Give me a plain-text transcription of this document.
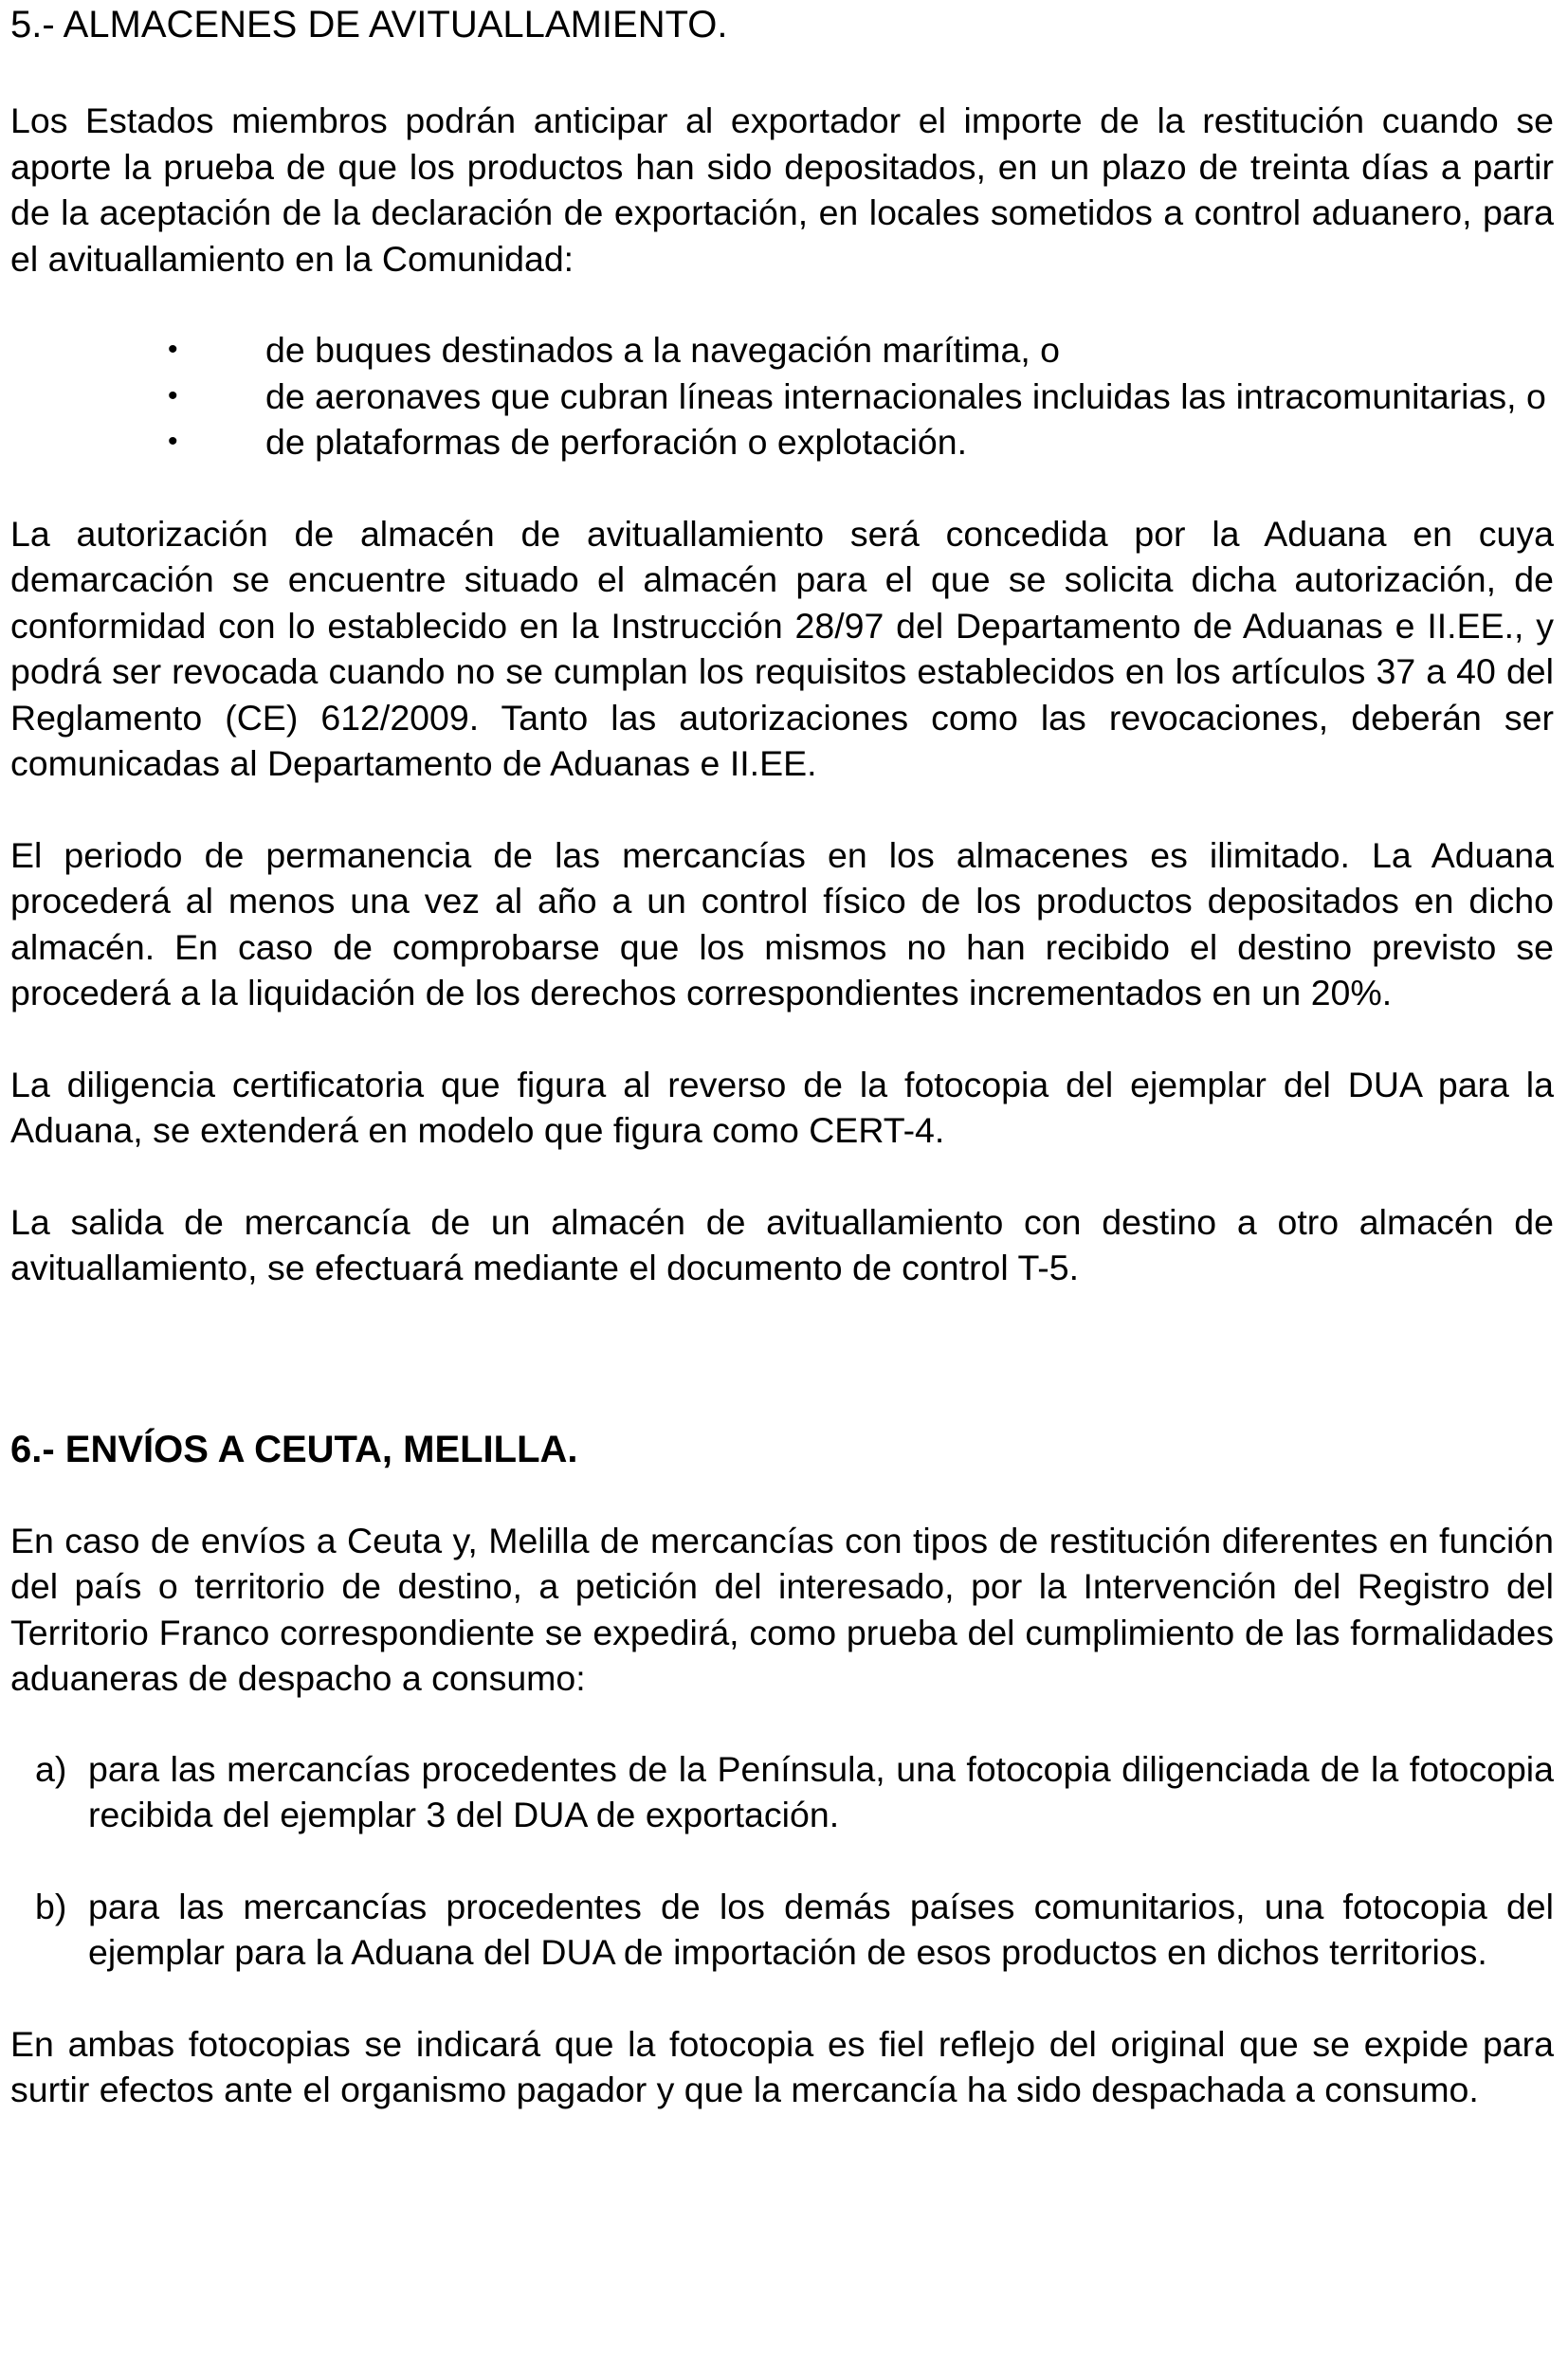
5.- ALMACENES DE AVITUALLAMIENTO.

Los Estados miembros podrán anticipar al exportador el importe de la restitución cuando se aporte la prueba de que los productos han sido depositados, en un plazo de treinta días a partir de la aceptación de la declaración de exportación, en locales sometidos a control aduanero, para el avituallamiento en la Comunidad:

• de buques destinados a la navegación marítima, o
• de aeronaves que cubran líneas internacionales incluidas las intracomunitarias, o
• de plataformas de perforación o explotación.

La autorización de almacén de avituallamiento será concedida por la Aduana en cuya demarcación se encuentre situado el almacén para el que se solicita dicha autorización, de conformidad con lo establecido en la Instrucción 28/97 del Departamento de Aduanas e II.EE., y podrá ser revocada cuando no se cumplan los requisitos establecidos en los artículos 37 a 40 del Reglamento (CE) 612/2009. Tanto las autorizaciones como las revocaciones, deberán ser comunicadas al Departamento de Aduanas e II.EE.

El periodo de permanencia de las mercancías en los almacenes es ilimitado. La Aduana procederá al menos una vez al año a un control físico de los productos depositados en dicho almacén. En caso de comprobarse que los mismos no han recibido el destino previsto se procederá a la liquidación de los derechos correspondientes incrementados en un 20%.

La diligencia certificatoria que figura al reverso de la fotocopia del ejemplar del DUA para la Aduana, se extenderá en modelo que figura como CERT-4.

La salida de mercancía de un almacén de avituallamiento con destino a otro almacén de avituallamiento, se efectuará mediante el documento de control T-5.

6.- ENVÍOS A CEUTA, MELILLA.

En caso de envíos a Ceuta y, Melilla de mercancías con tipos de restitución diferentes en función del país o territorio de destino, a petición del interesado, por la Intervención del Registro del Territorio Franco correspondiente se expedirá, como prueba del cumplimiento de las formalidades aduaneras de despacho a consumo:

a) para las mercancías procedentes de la Península, una fotocopia diligenciada de la fotocopia recibida del ejemplar 3 del DUA de exportación.
b) para las mercancías procedentes de los demás países comunitarios, una fotocopia del ejemplar para la Aduana del DUA de importación de esos productos en dichos territorios.

En ambas fotocopias se indicará que la fotocopia es fiel reflejo del original que se expide para surtir efectos ante el organismo pagador y que la mercancía ha sido despachada a consumo.
